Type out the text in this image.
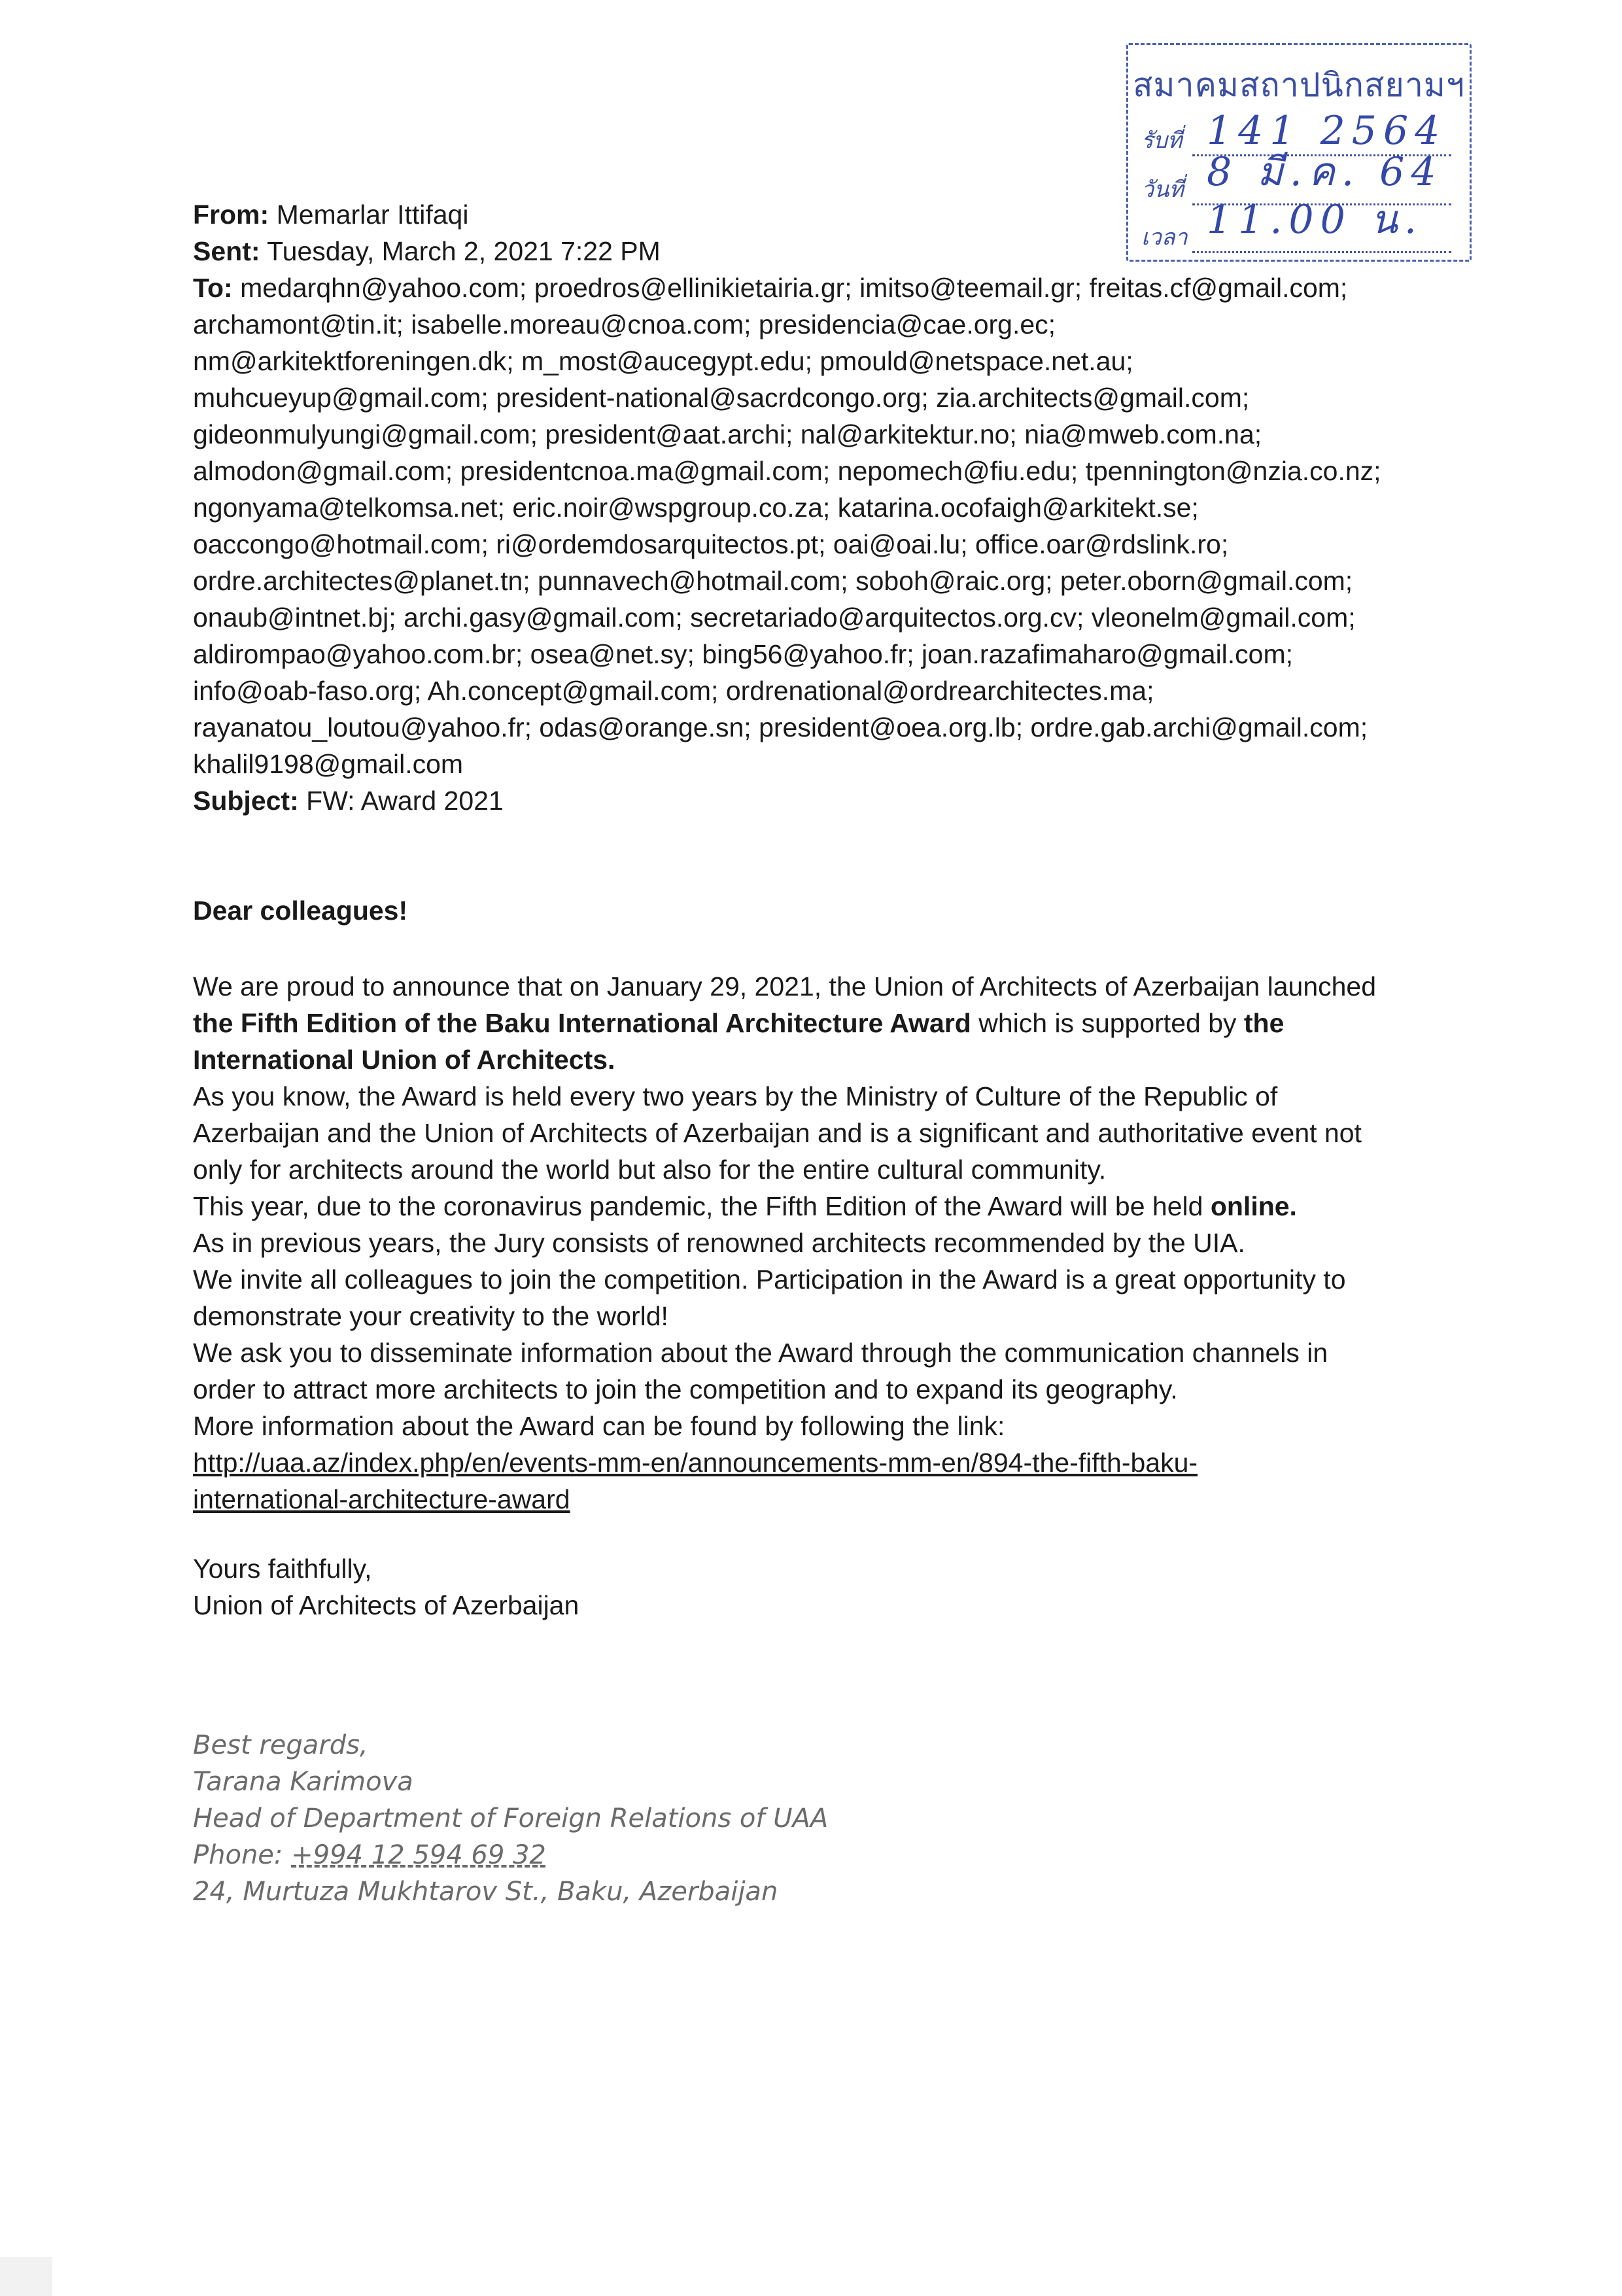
สมาคมสถาปนิกสยามฯ
รับที่ 141 2564
วันที่ 8 มี.ค. 64
เวลา 11.00 น.
From: Memarlar Ittifaqi
Sent: Tuesday, March 2, 2021 7:22 PM
To: medarqhn@yahoo.com; proedros@ellinikietairia.gr; imitso@teemail.gr; freitas.cf@gmail.com;
archamont@tin.it; isabelle.moreau@cnoa.com; presidencia@cae.org.ec;
nm@arkitektforeningen.dk; m_most@aucegypt.edu; pmould@netspace.net.au;
muhcueyup@gmail.com; president-national@sacrdcongo.org; zia.architects@gmail.com;
gideonmulyungi@gmail.com; president@aat.archi; nal@arkitektur.no; nia@mweb.com.na;
almodon@gmail.com; presidentcnoa.ma@gmail.com; nepomech@fiu.edu; tpennington@nzia.co.nz;
ngonyama@telkomsa.net; eric.noir@wspgroup.co.za; katarina.ocofaigh@arkitekt.se;
oaccongo@hotmail.com; ri@ordemdosarquitectos.pt; oai@oai.lu; office.oar@rdslink.ro;
ordre.architectes@planet.tn; punnavech@hotmail.com; soboh@raic.org; peter.oborn@gmail.com;
onaub@intnet.bj; archi.gasy@gmail.com; secretariado@arquitectos.org.cv; vleonelm@gmail.com;
aldirompao@yahoo.com.br; osea@net.sy; bing56@yahoo.fr; joan.razafimaharo@gmail.com;
info@oab-faso.org; Ah.concept@gmail.com; ordrenational@ordrearchitectes.ma;
rayanatou_loutou@yahoo.fr; odas@orange.sn; president@oea.org.lb; ordre.gab.archi@gmail.com;
khalil9198@gmail.com
Subject: FW: Award 2021
Dear colleagues!
We are proud to announce that on January 29, 2021, the Union of Architects of Azerbaijan launched
the Fifth Edition of the Baku International Architecture Award which is supported by the
International Union of Architects.
As you know, the Award is held every two years by the Ministry of Culture of the Republic of
Azerbaijan and the Union of Architects of Azerbaijan and is a significant and authoritative event not
only for architects around the world but also for the entire cultural community.
This year, due to the coronavirus pandemic, the Fifth Edition of the Award will be held online.
As in previous years, the Jury consists of renowned architects recommended by the UIA.
We invite all colleagues to join the competition. Participation in the Award is a great opportunity to
demonstrate your creativity to the world!
We ask you to disseminate information about the Award through the communication channels in
order to attract more architects to join the competition and to expand its geography.
More information about the Award can be found by following the link:
http://uaa.az/index.php/en/events-mm-en/announcements-mm-en/894-the-fifth-baku-
international-architecture-award
Yours faithfully,
Union of Architects of Azerbaijan
Best regards,
Tarana Karimova
Head of Department of Foreign Relations of UAA
Phone: +994 12 594 69 32
24, Murtuza Mukhtarov St., Baku, Azerbaijan
